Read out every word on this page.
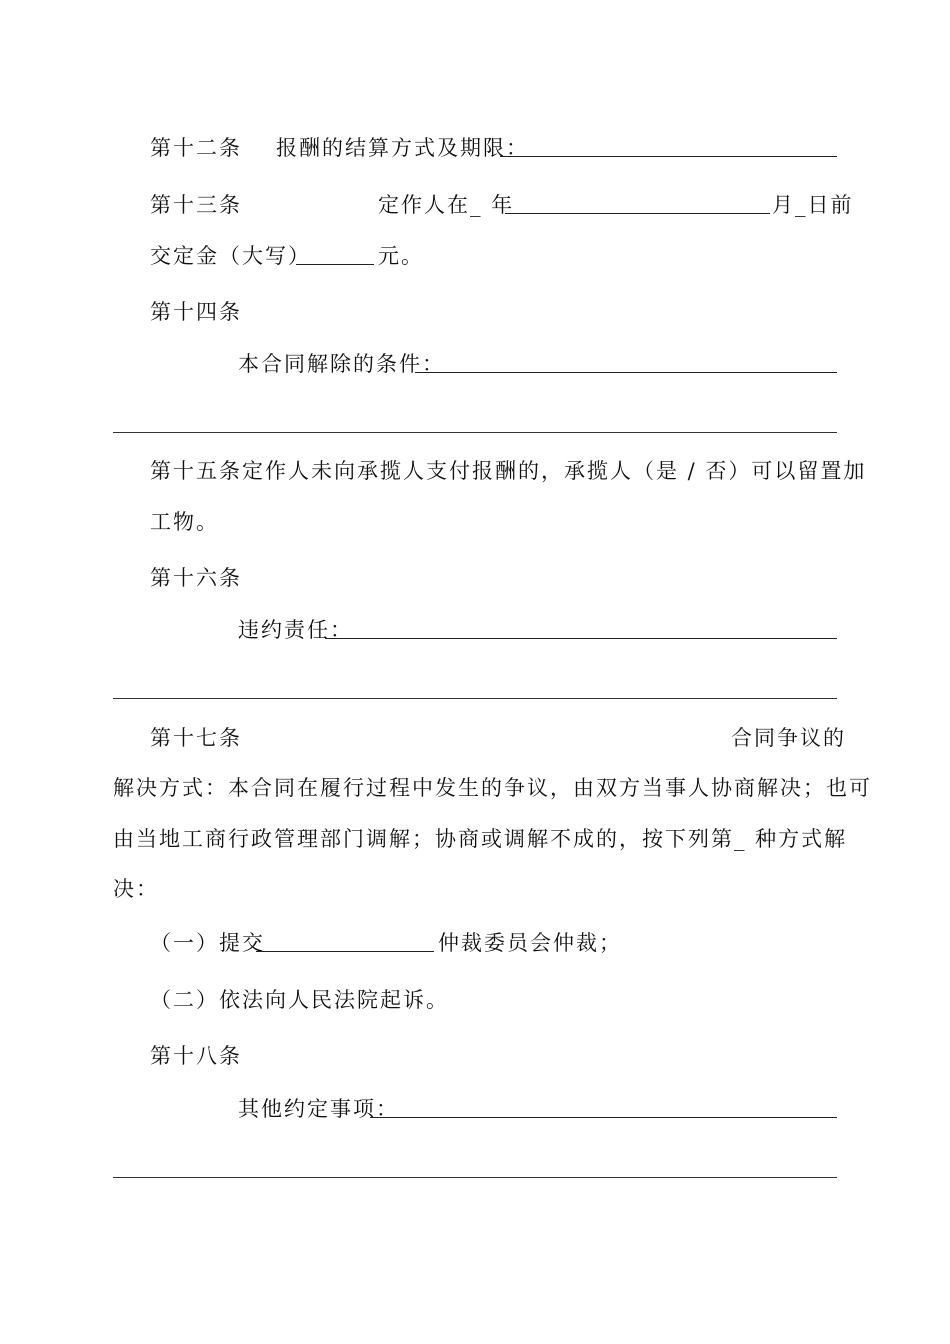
第十二条 报酬的结算方式及期限：
第十三条	定作人在_ 年	月_日前
交定金（大写）	元。
第十四条
本合同解除的条件：
第十五条定作人未向承揽人支付报酬的，承揽人（是 / 否）可以留置加
工物。
第十六条
违约责任：
第十七条	合同争议的
解决方式：本合同在履行过程中发生的争议，由双方当事人协商解决；也可
由当地工商行政管理部门调解；协商或调解不成的，按下列第_ 种方式解
决：
（一）提交	仲裁委员会仲裁；
（二）依法向人民法院起诉。
第十八条
其他约定事项：
